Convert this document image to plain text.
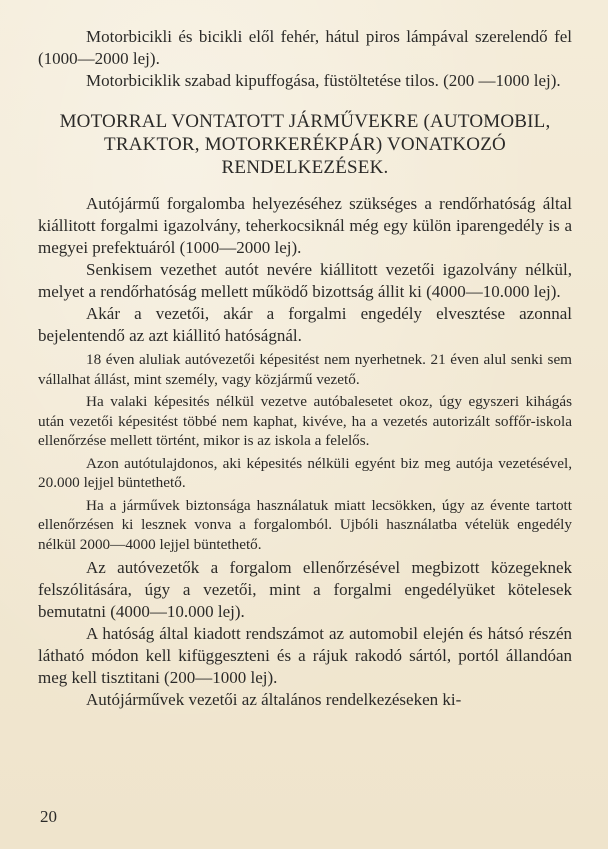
Motorbicikli és bicikli elől fehér, hátul piros lámpával szerelendő fel (1000—2000 lej).

Motorbiciklik szabad kipuffogása, füstöltetése tilos. (200 —1000 lej).

MOTORRAL VONTATOTT JÁRMŰVEKRE (AUTOMOBIL, TRAKTOR, MOTORKERÉKPÁR) VONATKOZÓ RENDELKEZÉSEK.

Autójármű forgalomba helyezéséhez szükséges a rendőrhatóság által kiállitott forgalmi igazolvány, teherkocsiknál még egy külön iparengedély is a megyei prefektuáról (1000—2000 lej).

Senkisem vezethet autót nevére kiállitott vezetői igazolvány nélkül, melyet a rendőrhatóság mellett működő bizottság állit ki (4000—10.000 lej).

Akár a vezetői, akár a forgalmi engedély elvesztése azonnal bejelentendő az azt kiállitó hatóságnál.

18 éven aluliak autóvezetői képesitést nem nyerhetnek. 21 éven alul senki sem vállalhat állást, mint személy, vagy közjármű vezető.

Ha valaki képesités nélkül vezetve autóbalesetet okoz, úgy egyszeri kihágás után vezetői képesitést többé nem kaphat, kivéve, ha a vezetés autorizált soffőr-iskola ellenőrzése mellett történt, mikor is az iskola a felelős.

Azon autótulajdonos, aki képesités nélküli egyént biz meg autója vezetésével, 20.000 lejjel büntethető.

Ha a járművek biztonsága használatuk miatt lecsökken, úgy az évente tartott ellenőrzésen ki lesznek vonva a forgalomból. Ujbóli használatba vételük engedély nélkül 2000—4000 lejjel büntethető.

Az autóvezetők a forgalom ellenőrzésével megbizott közegeknek felszólitására, úgy a vezetői, mint a forgalmi engedélyüket kötelesek bemutatni (4000—10.000 lej).

A hatóság által kiadott rendszámot az automobil elején és hátsó részén látható módon kell kifüggeszteni és a rájuk rakodó sártól, portól állandóan meg kell tisztitani (200—1000 lej).

Autójárművek vezetői az általános rendelkezéseken ki-

20
